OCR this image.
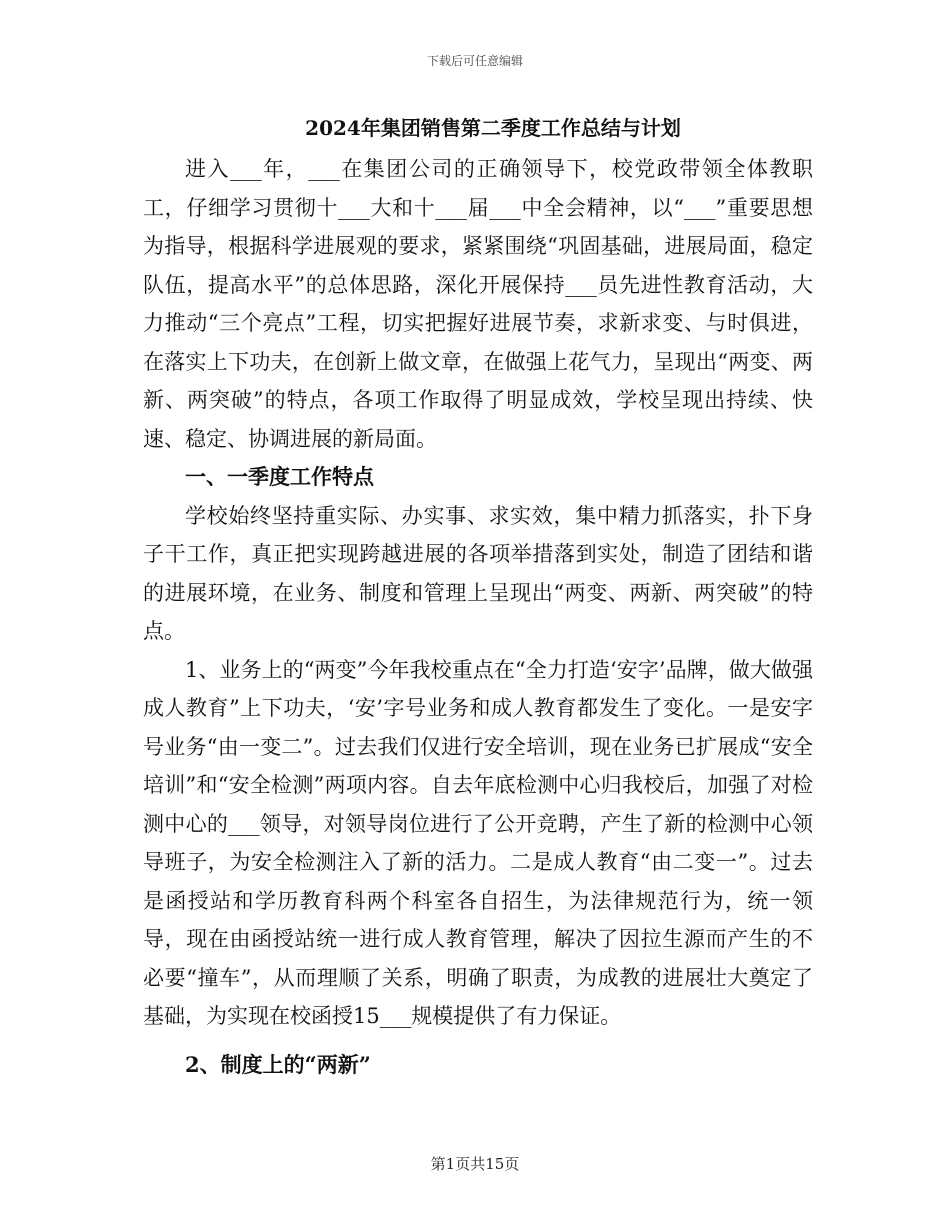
下载后可任意编辑
2024年集团销售第二季度工作总结与计划

进入___年，___在集团公司的正确领导下，校党政带领全体教职工，仔细学习贯彻十___大和十___届___中全会精神，以“___”重要思想为指导，根据科学进展观的要求，紧紧围绕“巩固基础，进展局面，稳定队伍，提高水平”的总体思路，深化开展保持___员先进性教育活动，大力推动“三个亮点”工程，切实把握好进展节奏，求新求变、与时俱进，在落实上下功夫，在创新上做文章，在做强上花气力，呈现出“两变、两新、两突破”的特点，各项工作取得了明显成效，学校呈现出持续、快速、稳定、协调进展的新局面。

一、一季度工作特点

学校始终坚持重实际、办实事、求实效，集中精力抓落实，扑下身子干工作，真正把实现跨越进展的各项举措落到实处，制造了团结和谐的进展环境，在业务、制度和管理上呈现出“两变、两新、两突破”的特点。

1、业务上的“两变”今年我校重点在“全力打造‘安字’品牌，做大做强成人教育”上下功夫，‘安’字号业务和成人教育都发生了变化。一是安字号业务“由一变二”。过去我们仅进行安全培训，现在业务已扩展成“安全培训”和“安全检测”两项内容。自去年底检测中心归我校后，加强了对检测中心的___领导，对领导岗位进行了公开竞聘，产生了新的检测中心领导班子，为安全检测注入了新的活力。二是成人教育“由二变一”。过去是函授站和学历教育科两个科室各自招生，为法律规范行为，统一领导，现在由函授站统一进行成人教育管理，解决了因拉生源而产生的不必要“撞车”，从而理顺了关系，明确了职责，为成教的进展壮大奠定了基础，为实现在校函授15___规模提供了有力保证。

2、制度上的“两新”

第1页共15页
